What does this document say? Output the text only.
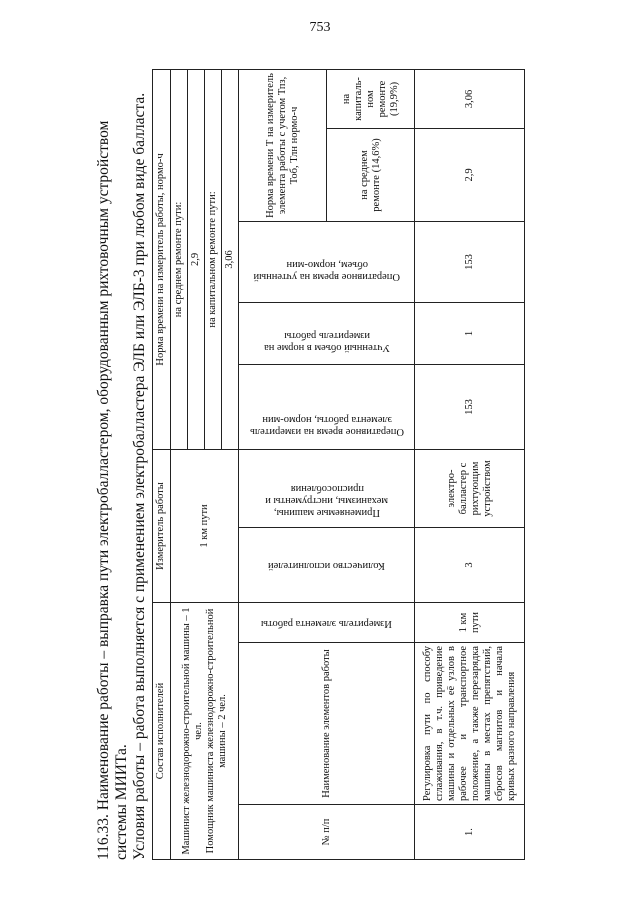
753
116.33. Наименование работы – выправка пути электробалластером, оборудованным рихтовочным устройством системы МИИТа. Условия работы – работа выполняется с применением электробалластера ЭЛБ или ЭЛБ-3 при любом виде балласта. Состав исполнителей			Измеритель работы		Норма времени на измеритель работы, нормо-ч				

Машинист железнодорожно-строительной машины – 1 чел. Помощник машиниста железнодорожно-строительной машины – 2 чел.			1 км пути		на среднем ремонте пути:				
					2,9				
					на капитальном ремонте пути:				
					3,06				
№ п/п	Наименование элементов работы	Измеритель элемента работы	Количество исполнителей	Применяемые машины, механизмы, инструменты и приспособления	Оперативное время на измеритель элемента работы, нормо-мин	Учтенный объем в норме на измеритель работы	Оперативное время на учтенный объем, нормо-мин	Норма времени Т на измеритель элемента работы с учетом Тпз, Тоб, Тлн нормо-ч	
								на среднем ремонте (14,6%)	на капиталь-ном ремонте (19,9%)
1.	Регулировка пути по способу сглаживания, в т.ч. приведение машины и отдельных её узлов в рабочее и транспортное положение, а также перезарядка машины в местах препятствий, сбросов магнитов и начала кривых разного направления	1 км пути	3	электро-балластер с рихтующим устройством	153	1	153	2,9	3,06
